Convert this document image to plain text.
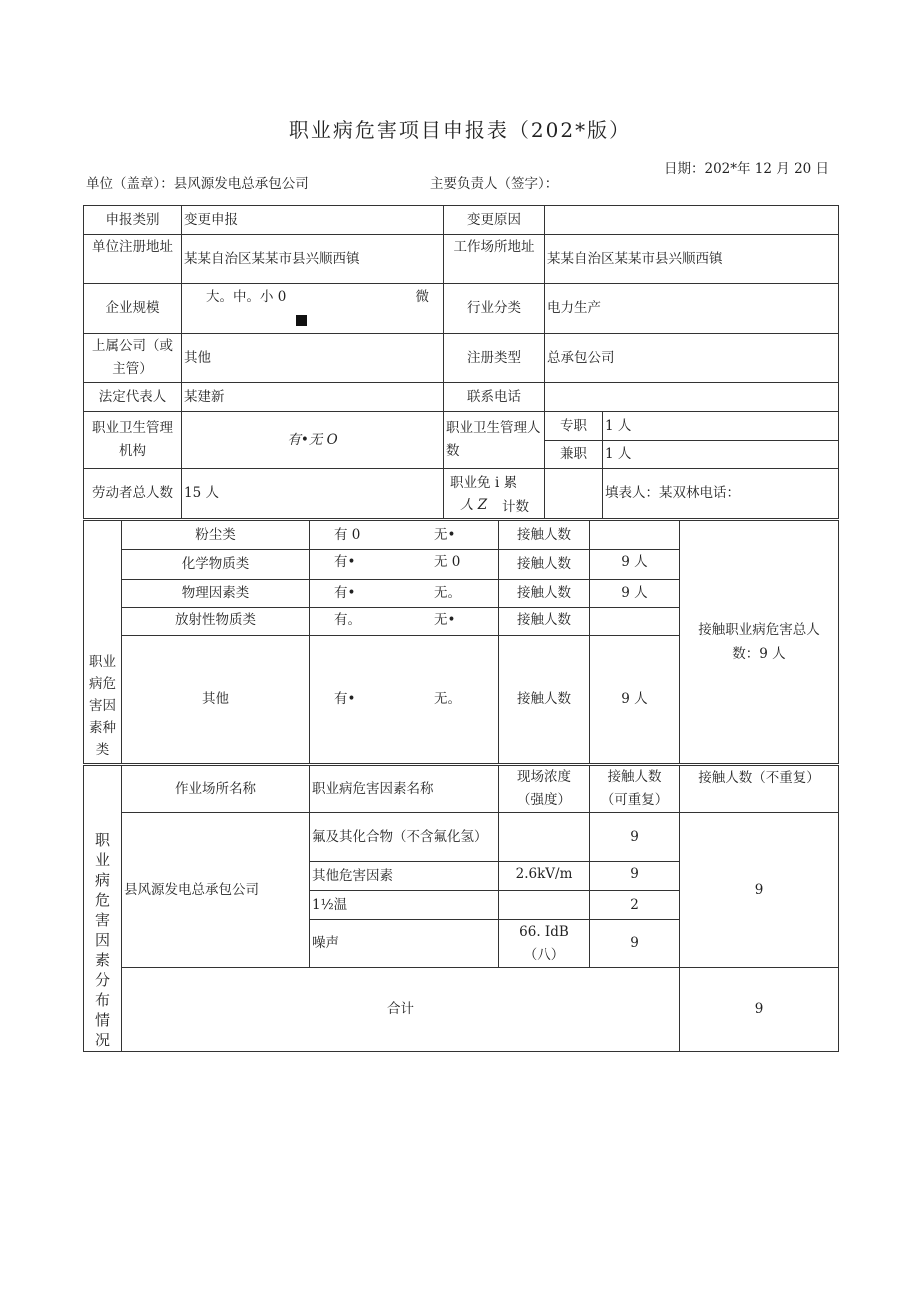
职业病危害项目申报表（202*版）
日期：202*年 12 月 20 日
单位（盖章）：县风源发电总承包公司	主要负责人（签字）：
申报类别	变更申报	变更原因		
单位注册地址	某某自治区某某市县兴顺西镇	工作场所地址	某某自治区某某市县兴顺西镇	
企业规模	大。中。小 0 微	行业分类	电力生产	
上属公司（或主管）	其他	注册类型	总承包公司	
法定代表人	某建新	联系电话		
职业卫生管理机构	有•无 O	职业卫生管理人数	专职	1 人
			兼职	1 人
劳动者总人数	15 人	职业免 i 累
人 Z 计数		填表人：某双林电话：
职业病危害因素种类	粉尘类	有 0 无•	接触人数		接触职业病危害总人数：9 人
	化学物质类	有• 无 0	接触人数	9 人	
	物理因素类	有• 无。	接触人数	9 人	
	放射性物质类	有。 无•	接触人数		
	其他	有• 无。	接触人数	9 人	
职业病危害因素分布情况	作业场所名称	职业病危害因素名称	现场浓度（强度）	接触人数（可重复）	接触人数（不重复）
	县风源发电总承包公司	氟及其化合物（不含氟化氢）		9	9
		其他危害因素	2.6kV/m	9	
		1½温		2	
		噪声	66. IdB（八）	9	
	合计				9
